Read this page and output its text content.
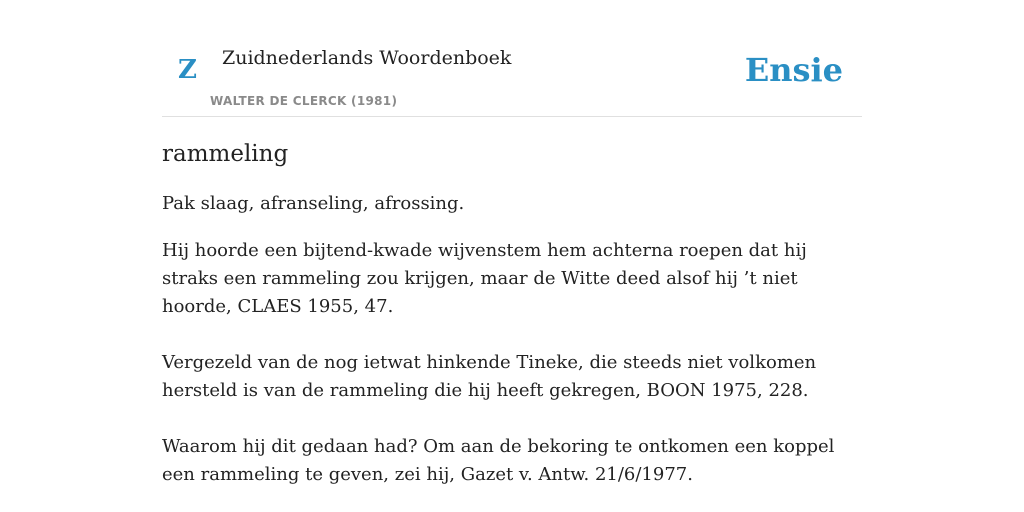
Z Zuidnederlands Woordenboek
WALTER DE CLERCK (1981)
Ensie
rammeling

Pak slaag, afranseling, afrossing.

Hij hoorde een bijtend-kwade wijvenstem hem achterna roepen dat hij straks een rammeling zou krijgen, maar de Witte deed alsof hij ’t niet hoorde, CLAES 1955, 47.

Vergezeld van de nog ietwat hinkende Tineke, die steeds niet volkomen hersteld is van de rammeling die hij heeft gekregen, BOON 1975, 228.

Waarom hij dit gedaan had? Om aan de bekoring te ontkomen een koppel een rammeling te geven, zei hij, Gazet v. Antw. 21/6/1977.
